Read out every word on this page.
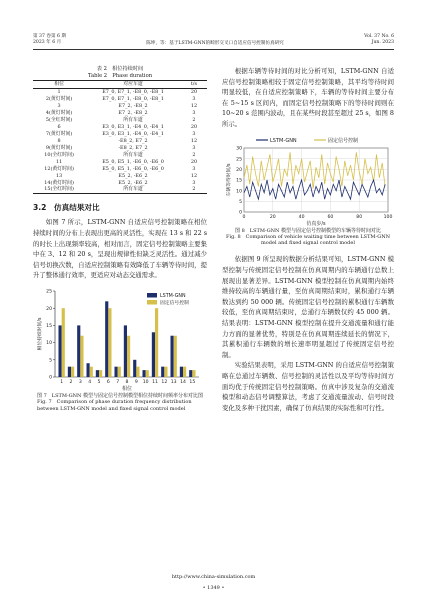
第 37 卷第 6 期
2023 年 6 月	陈坤，等：基于LSTM-GNN的畸形交叉口自适应信号控制仿真研究
Vol. 37 No. 6
Jun. 2023
表 2　相位持续时间
Table 2　Phase duration
相位	对应车道	t/s
1	E7_0, E7_1, -E8_0, -E8_1	20
2(黄灯时间)	E7_0, E7_1, -E8_0, -E8_1	3
3	E7_2, -E8_2	12
4(黄灯时间)	E7_2, -E8_2	3
5(全红时间)	所有车道	2
6	E3_0, E3_1, -E4_0, -E4_1	20
7(黄灯时间)	E3_0, E3_1, -E4_0, -E4_1	3
8	-E8_2, E7_2	12
9(黄灯时间)	-E8_2, E7_2	3
10(全红时间)	所有车道	2
11	E5_0, E5_1, -E6_0, -E6_0	20
12(黄灯时间)	E5_0, E5_1, -E6_0, -E6_0	3
13	E5_2, -E6_2	12
14(黄灯时间)	E5_2, -E6_2	3
15(全红时间)	所有车道	2

3.2　仿真结果对比

如图 7 所示，LSTM-GNN 自适应信号控制策略在相位持续时间的分布上表现出更高的灵活性，实现在 13 s 和 22 s 的时长上出现频率较高，相对而言，固定信号控制策略主要集中在 3、12 和 20 s，呈现出规律性但缺乏灵活性。通过减少信号切换次数，自适应控制策略有效降低了车辆等待时间，提升了整体通行效率，更适应对动态交通需求。

0
5
10
15
20
25
相位持续时间/s
1 2 3 4 5 6 7 8 9 10 11 12 13 14 15
相位
LSTM-GNN
固定信号控制
图 7　LSTM-GNN 模型与固定信号控制模型相位持续时间频率分布对比图
Fig. 7　Comparison of phase duration frequency distribution between LSTM-GNN model and fixed signal control model

根据车辆等待时间的对比分析可知，LSTM-GNN 自适应信号控制策略相较于固定信号控制策略，其平均等待时间明显较低，在自适应控制策略下，车辆的等待时间主要分布在 5~15 s 区间内，而固定信号控制策略下的等待时间则在 10~20 s 范围内波动，且在某些时段甚至超过 25 s，如图 8 所示。

0
5
10
15
20
25
30
0	20	40	60	80	100
车辆等待时间/s
仿真步/s
LSTM-GNN	固定信号控制
图 8　LSTM-GNN 模型与固定信号控制模型的车辆等待时间对比
Fig. 8　Comparison of vehicle waiting time between LSTM-GNN model and fixed signal control model

依据图 9 所呈现的数据分析结果可知，LSTM-GNN 模型控制与传统固定信号控制在仿真周期内的车辆通行总数上展现出显著差异。LSTM-GNN 模型控制在仿真周期内始终维持较高的车辆通行量，至仿真周期结束时，累积通行车辆数达到约 50 000 辆。传统固定信号控制的累积通行车辆数较低，至仿真周期结束时，总通行车辆数仅约 45 000 辆。结果表明：LSTM-GNN 模型控制在提升交通流量和通行能力方面的显著优势，特别是在仿真周期连续延长的情况下，其累积通行车辆数的增长速率明显超过了传统固定信号控制。

实验结果表明，采用 LSTM-GNN 的自适应信号控制策略在总通过车辆数、信号控制的灵活性以及平均等待时间方面均优于传统固定信号控制策略。仿真中涉及复杂的交通流模型和动态信号调整算法，考虑了交通流量波动、信号时段变化及多种干扰因素，确保了仿真结果的实际性和可行性。

http://www.china-simulation.com
• 1349 •
